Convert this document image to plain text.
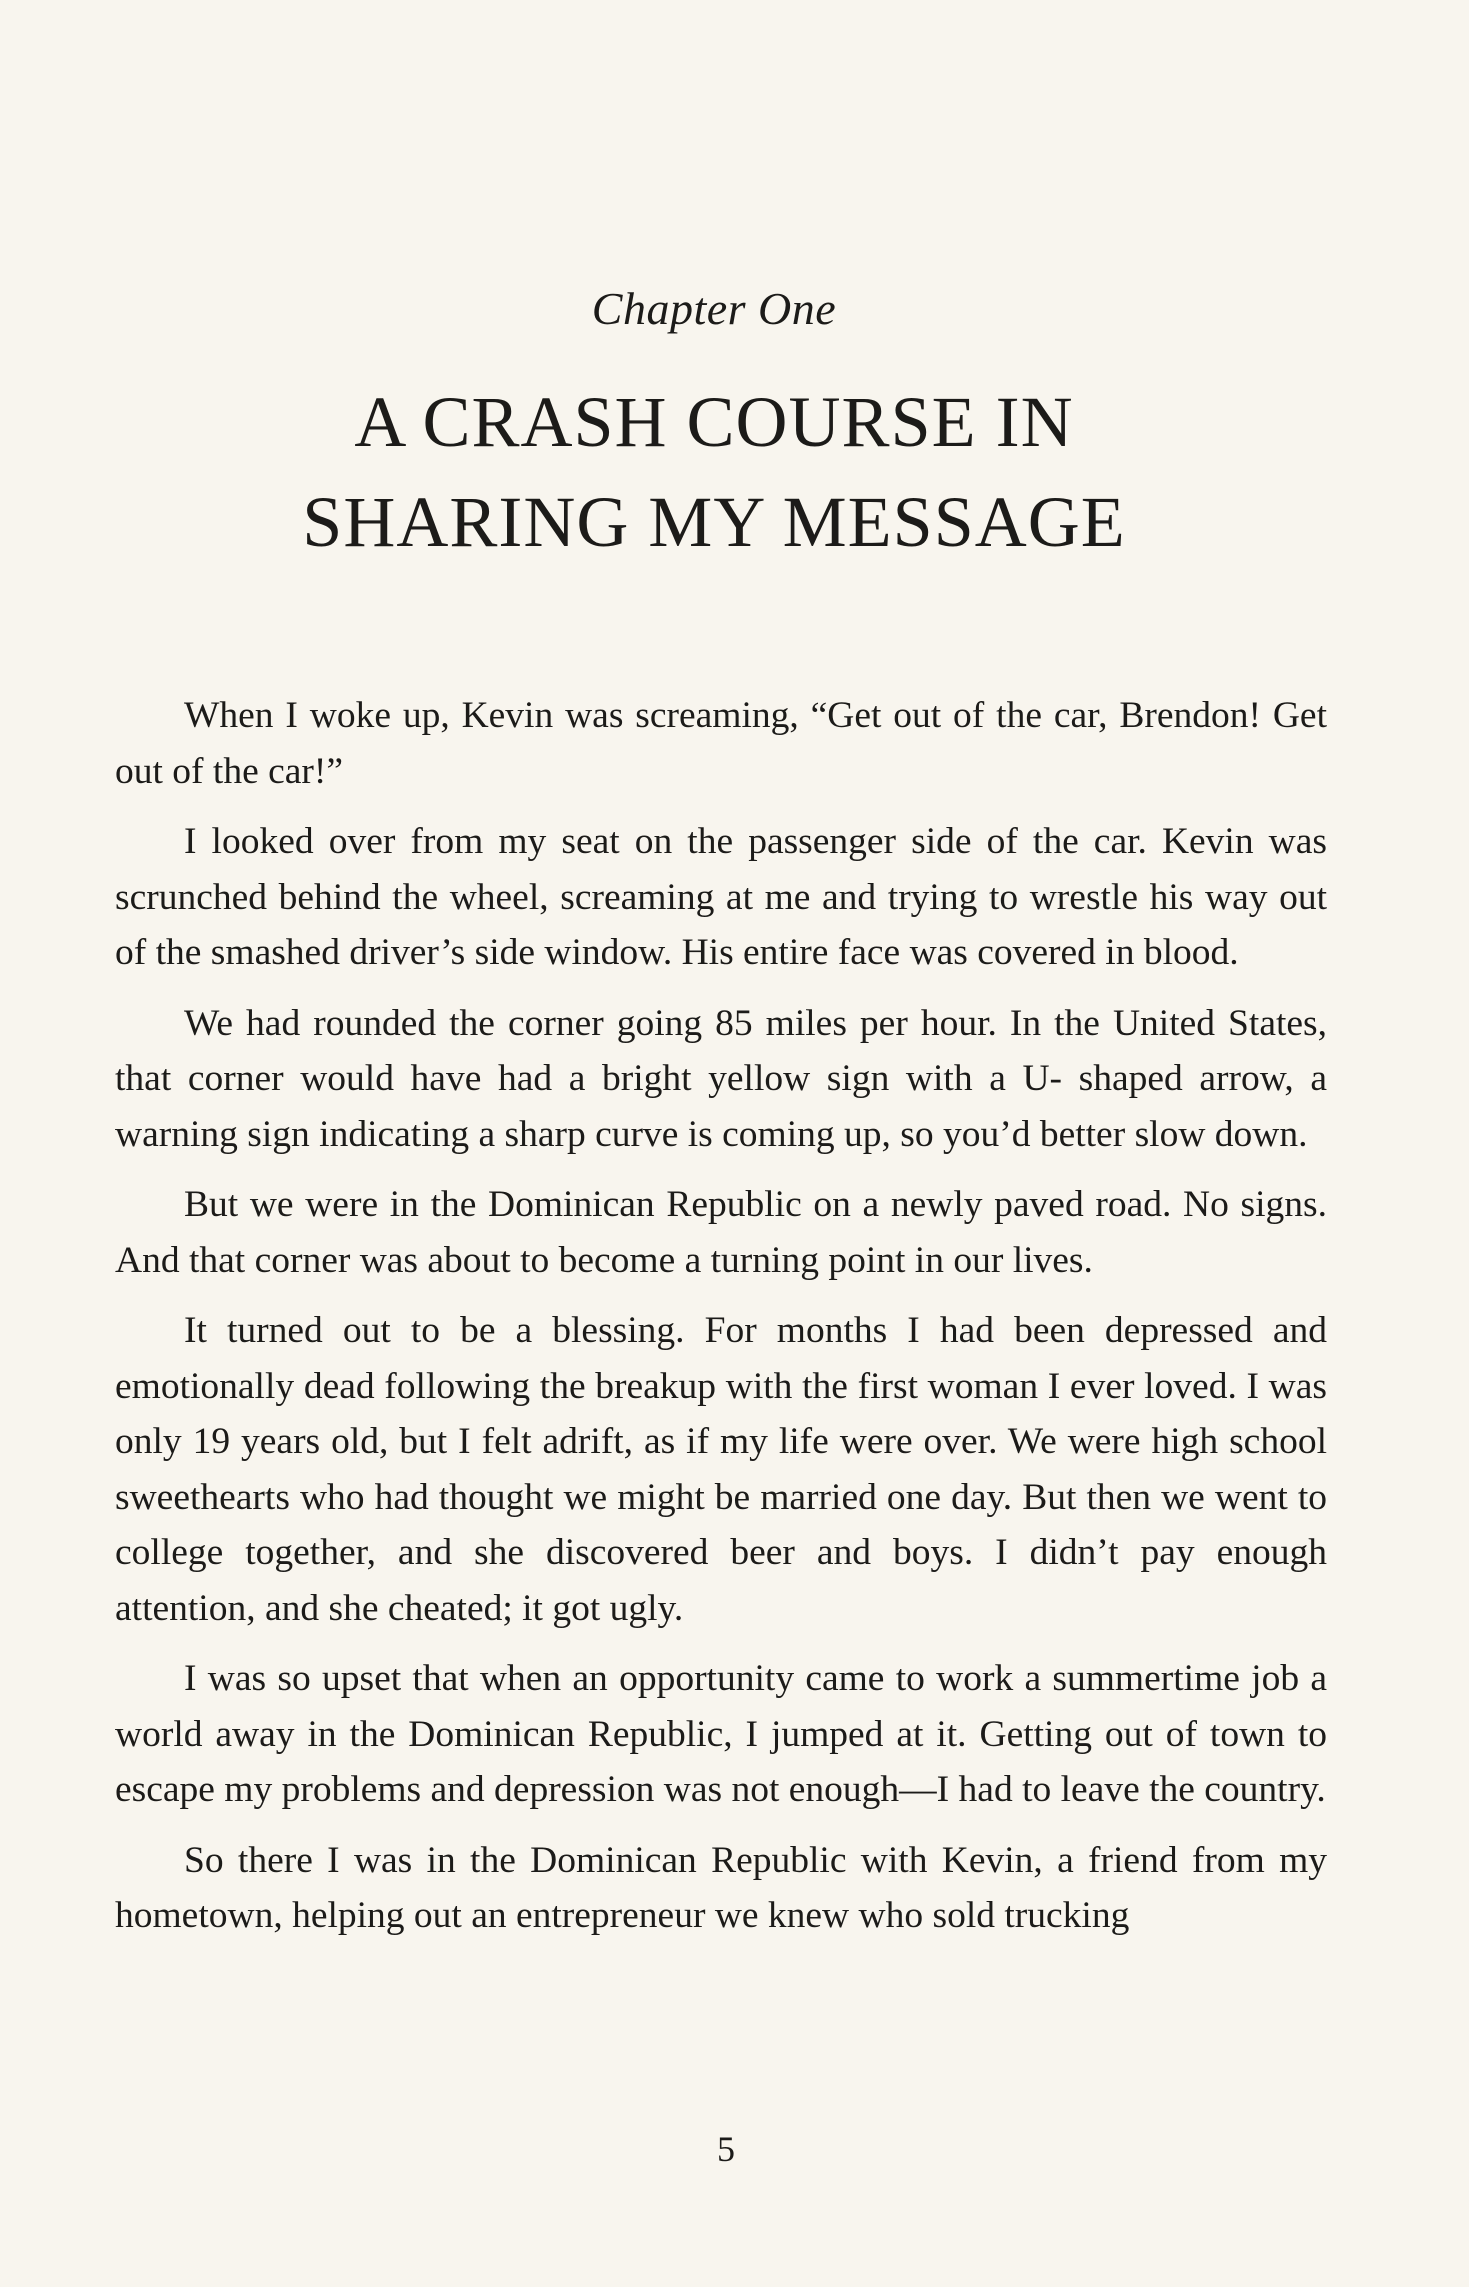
Chapter One
A CRASH COURSE IN
SHARING MY MESSAGE

When I woke up, Kevin was screaming, “Get out of the car, Brendon! Get out of the car!”

I looked over from my seat on the passenger side of the car. Kevin was scrunched behind the wheel, screaming at me and trying to wrestle his way out of the smashed driver’s side window. His entire face was covered in blood.

We had rounded the corner going 85 miles per hour. In the United States, that corner would have had a bright yellow sign with a U- shaped arrow, a warning sign indicating a sharp curve is coming up, so you’d better slow down.

But we were in the Dominican Republic on a newly paved road. No signs. And that corner was about to become a turning point in our lives.

It turned out to be a blessing. For months I had been depressed and emotionally dead following the breakup with the first woman I ever loved. I was only 19 years old, but I felt adrift, as if my life were over. We were high school sweethearts who had thought we might be married one day. But then we went to college together, and she discovered beer and boys. I didn’t pay enough attention, and she cheated; it got ugly.

I was so upset that when an opportunity came to work a summertime job a world away in the Dominican Republic, I jumped at it. Getting out of town to escape my problems and depression was not enough—I had to leave the country.

So there I was in the Dominican Republic with Kevin, a friend from my hometown, helping out an entrepreneur we knew who sold trucking

5
